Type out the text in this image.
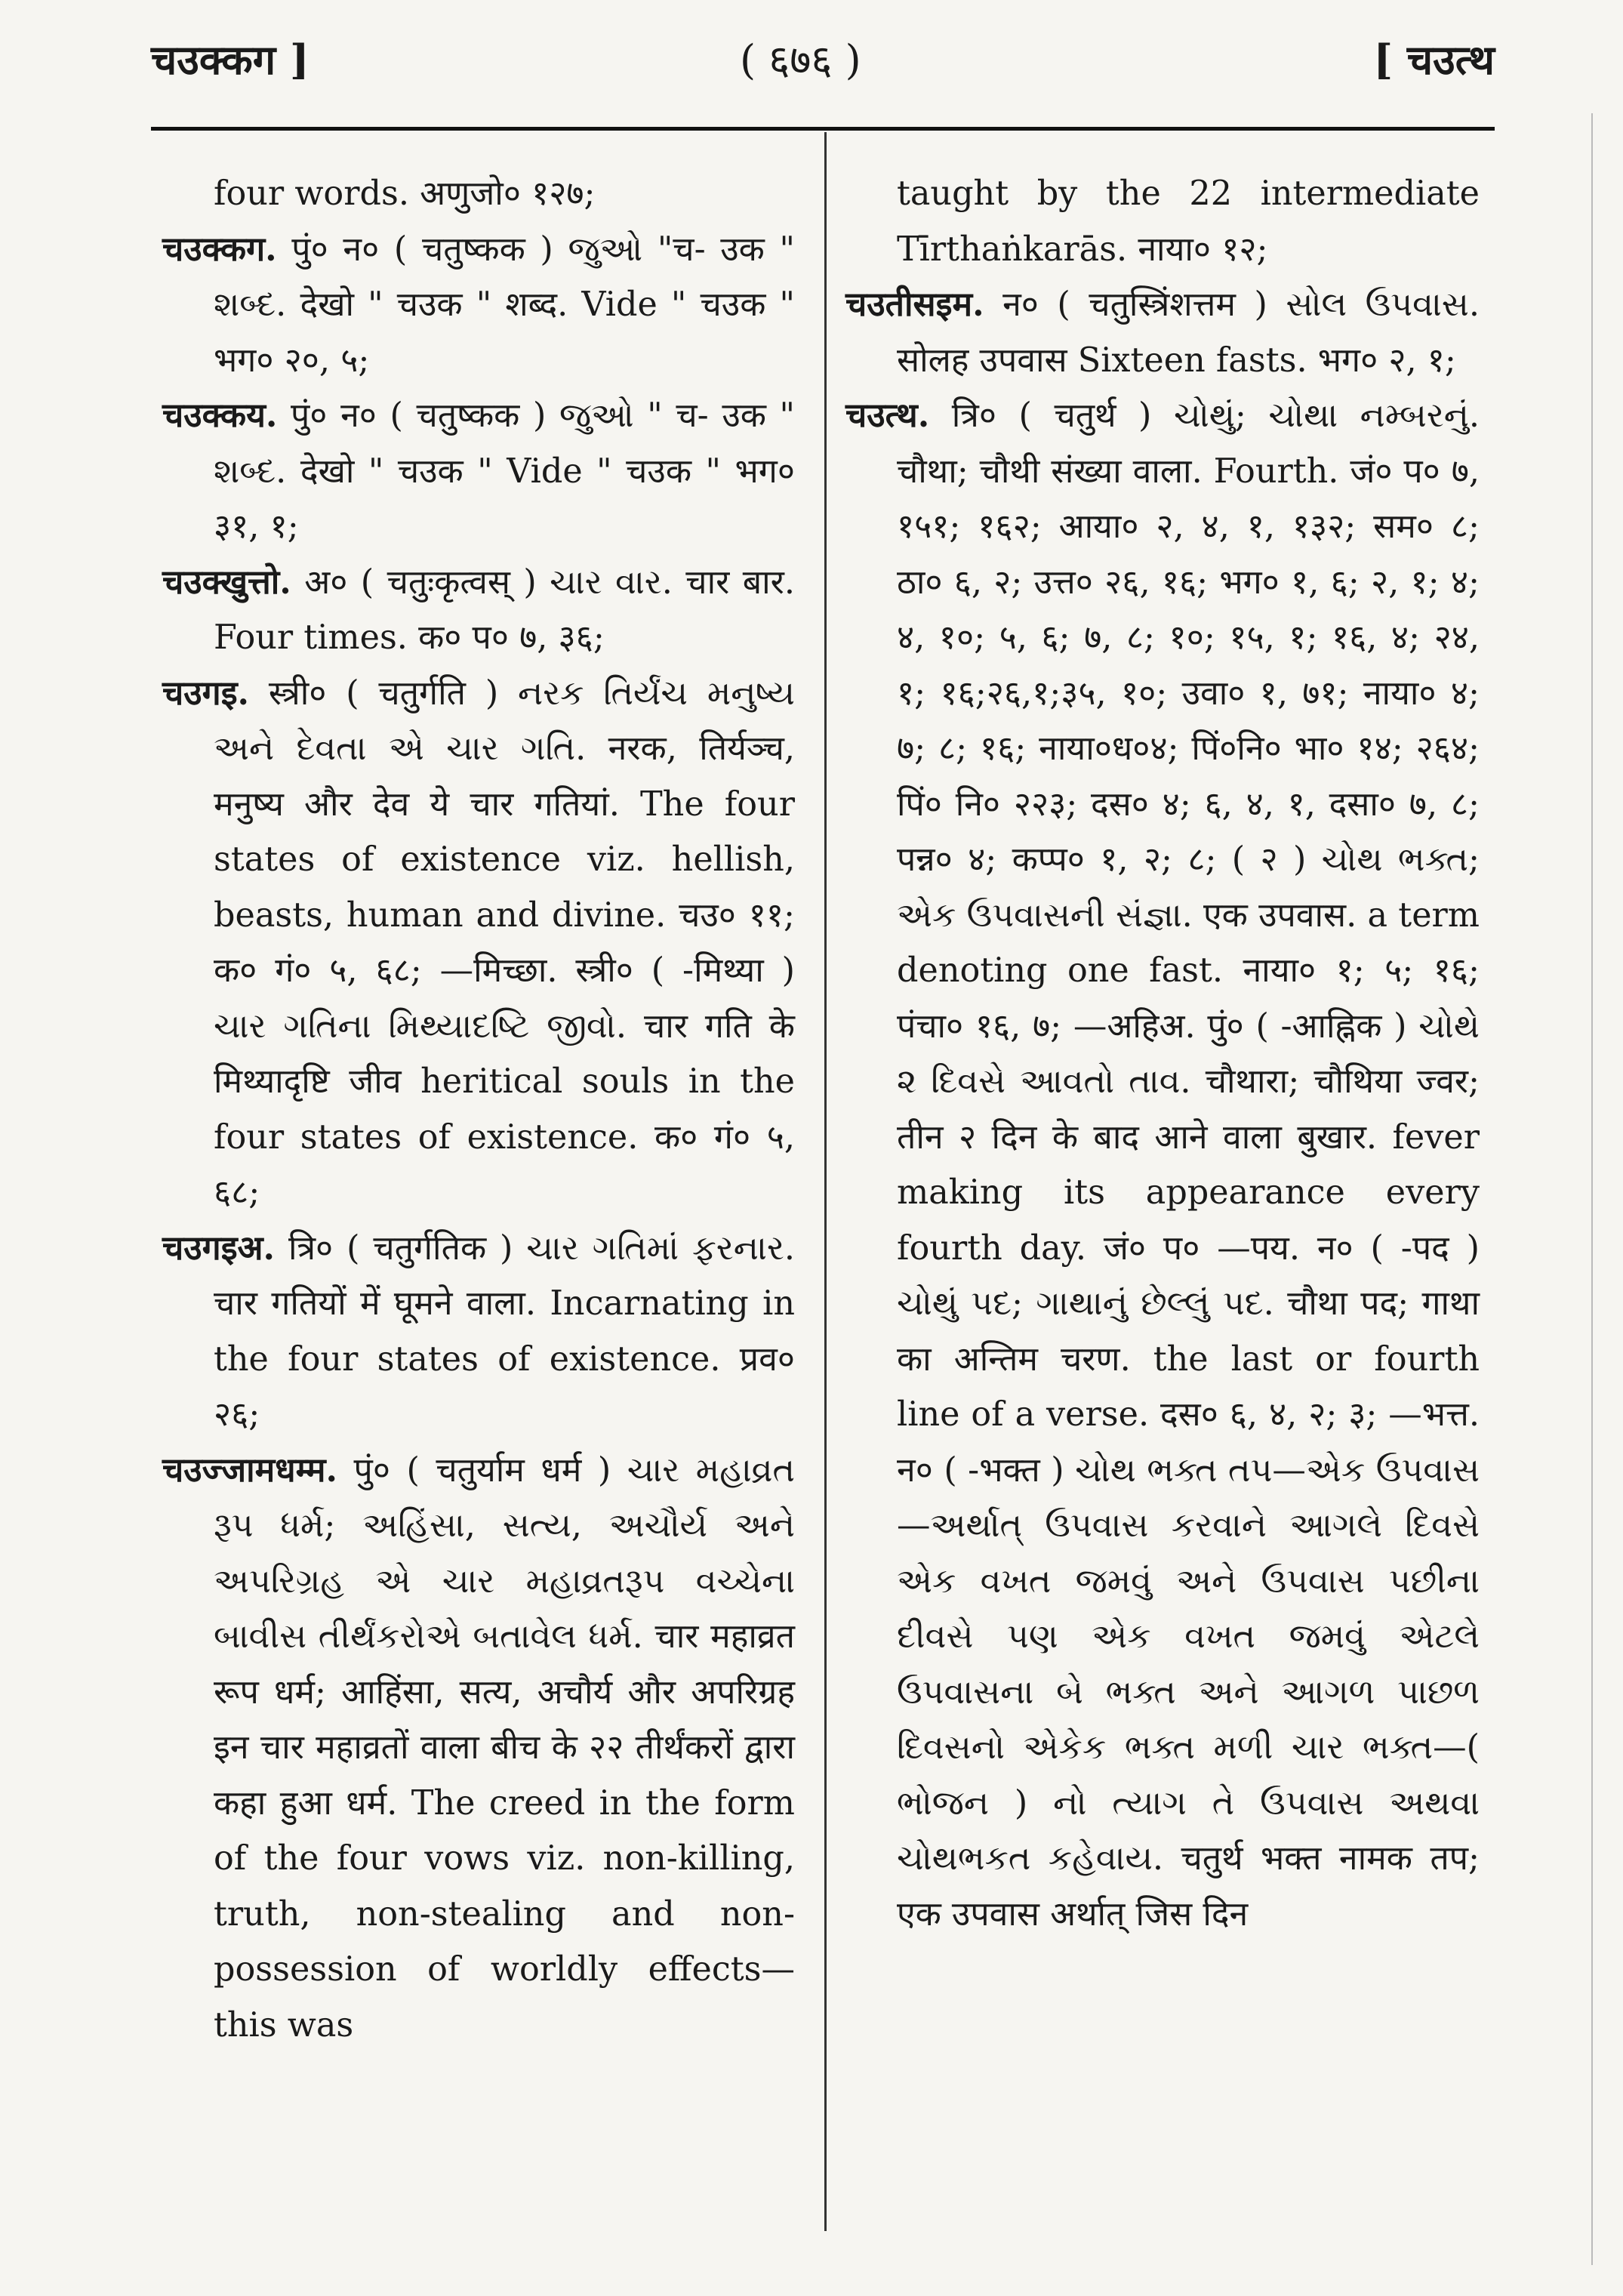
चउक्कग ]	( ६७६ )	[ चउत्थ

four words. अणुजो० १२७;

चउक्कग. पुं० न० ( चतुष्कक ) જુઓ "च- उक " શબ્દ. देखो " चउक " शब्द. Vide " चउक " भग० २०, ५;

चउक्कय. पुं० न० ( चतुष्कक ) જુઓ " च- उक " શબ્દ. देखो " चउक " Vide " चउक " भग० ३१, १;

चउक्खुत्तो. अ० ( चतुःकृत्वस् ) ચાર વાર. चार बार. Four times. क० प० ७, ३६;

चउगइ. स्त्री० ( चतुर्गति ) નરક તિર્યંચ મનુષ્ય અને દેવતા એ ચાર ગતિ. नरक, तिर्यञ्च, मनुष्य और देव ये चार गतियां. The four states of existence viz. hellish, beasts, human and divine. चउ० ११; क० गं० ५, ६८; —मिच्छा. स्त्री० ( -मिथ्या ) ચાર ગતિના મિથ્યાદષ્ટિ જીવો. चार गति के मिथ्यादृष्टि जीव heritical souls in the four states of existence. क० गं० ५, ६८;

चउगइअ. त्रि० ( चतुर्गतिक ) ચાર ગતિમાં ફરનાર. चार गतियों में घूमने वाला. Incarnating in the four states of existence. प्रव० २६;

चउज्जामधम्म. पुं० ( चतुर्याम धर्म ) ચાર મહાવ્રત રૂપ ધર્મ; અહિંસા, સત્ય, અચૌર્ય અને અપરિગ્રહ એ ચાર મહાવ્રતરૂપ વચ્ચેના બાવીસ તીર્થંકરોએ બતાવેલ ધર્મ. चार महाव्रत रूप धर्म; आहिंसा, सत्य, अचौर्य और अपरिग्रह इन चार महाव्रतों वाला बीच के २२ तीर्थंकरों द्वारा कहा हुआ धर्म. The creed in the form of the four vows viz. non-killing, truth, non-stealing and non-possession of worldly effects—this was

taught by the 22 intermediate Tīrthaṅkarās. नाया० १२;

चउतीसइम. न० ( चतुस्त्रिंशत्तम ) સોલ ઉપવાસ. सोलह उपवास Sixteen fasts. भग० २, १;

चउत्थ. त्रि० ( चतुर्थ ) ચોથું; ચોથા નમ્બરનું. चौथा; चौथी संख्या वाला. Fourth. जं० प० ७, १५१; १६२; आया० २, ४, १, १३२; सम० ८; ठा० ६, २; उत्त० २६, १६; भग० १, ६; २, १; ४; ४, १०; ५, ६; ७, ८; १०; १५, १; १६, ४; २४, १; १६;२६,१;३५, १०; उवा० १, ७१; नाया० ४; ७; ८; १६; नाया०ध०४; पिं०नि० भा० १४; २६४; पिं० नि० २२३; दस० ४; ६, ४, १, दसा० ७, ८; पन्न० ४; कप्प० १, २; ८; ( २ ) ચોથ ભક્ત; એક ઉપવાસની સંજ્ઞા. एक उपवास. a term denoting one fast. नाया० १; ५; १६; पंचा० १६, ७; —अहिअ. पुं० ( -आह्निक ) ચોથે ૨ દિવસે આવતો તાવ. चौथारा; चौथिया ज्वर; तीन २ दिन के बाद आने वाला बुखार. fever making its appearance every fourth day. जं० प० —पय. न० ( -पद ) ચોથું પદ; ગાથાનું છેલ્લું પદ. चौथा पद; गाथा का अन्तिम चरण. the last or fourth line of a verse. दस० ६, ४, २; ३; —भत्त. न० ( -भक्त ) ચોથ ભક્ત તપ—એક ઉપવાસ—અર્થાત્ ઉપવાસ કરવાને આગલે દિવસે એક વખત જમવું અને ઉપવાસ પછીના દીવસે પણ એક વખત જમવું એટલે ઉપવાસના બે ભક્ત અને આગળ પાછળ દિવસનો એકેક ભક્ત મળી ચાર ભક્ત—( ભોજન ) નો ત્યાગ તે ઉપવાસ અથવા ચોથભકત કહેવાય. चतुर्थ भक्त नामक तप; एक उपवास अर्थात् जिस दिन
